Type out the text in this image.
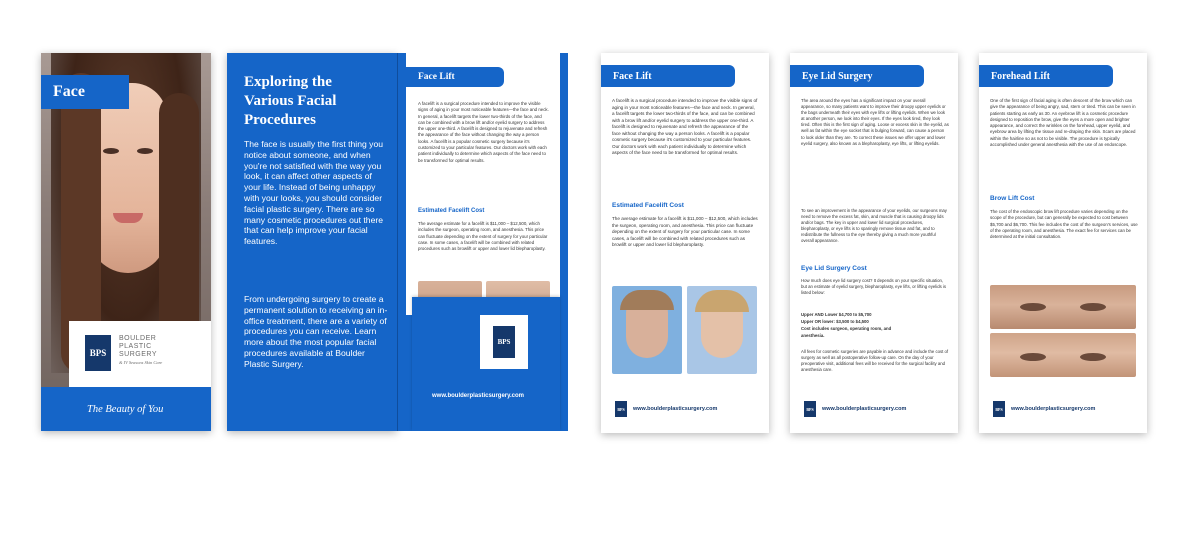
Face
BPS
BOULDER
PLASTIC
SURGERY
& IV Seasons Skin Care
The Beauty of You
Exploring the Various Facial Procedures
The face is usually the first thing you notice about someone, and when you're not satisfied with the way you look, it can affect other aspects of your life. Instead of being unhappy with your looks, you should consider facial plastic surgery. There are so many cosmetic procedures out there that can help improve your facial features.
From undergoing surgery to create a permanent solution to receiving an in-office treatment, there are a variety of procedures you can receive. Learn more about the most popular facial procedures available at Boulder Plastic Surgery.
Face Lift
A facelift is a surgical procedure intended to improve the visible signs of aging in your most noticeable features—the face and neck. In general, a facelift targets the lower two-thirds of the face, and can be combined with a brow lift and/or eyelid surgery to address the upper one-third. A facelift is designed to rejuvenate and refresh the appearance of the face without changing the way a person looks. A facelift is a popular cosmetic surgery because it's customized to your particular features. Our doctors work with each patient individually to determine which aspects of the face need to be transformed for optimal results.
Estimated Facelift Cost
The average estimate for a facelift is $11,000 – $12,500, which includes the surgeon, operating room, and anesthesia. This price can fluctuate depending on the extent of surgery for your particular case. In some cases, a facelift will be combined with related procedures such as browlift or upper and lower lid blepharoplasty.
BPS
www.boulderplasticsurgery.com
Face Lift
A facelift is a surgical procedure intended to improve the visible signs of aging in your most noticeable features—the face and neck. In general, a facelift targets the lower two-thirds of the face, and can be combined with a brow lift and/or eyelid surgery to address the upper one-third. A facelift is designed to rejuvenate and refresh the appearance of the face without changing the way a person looks. A facelift is a popular cosmetic surgery because it's customized to your particular features. Our doctors work with each patient individually to determine which aspects of the face need to be transformed for optimal results.
Estimated Facelift Cost
The average estimate for a facelift is $11,000 – $12,500, which includes the surgeon, operating room, and anesthesia. This price can fluctuate depending on the extent of surgery for your particular case. In some cases, a facelift will be combined with related procedures such as browlift or upper and lower lid blepharoplasty.
BPS www.boulderplasticsurgery.com
Eye Lid Surgery
The area around the eyes has a significant impact on your overall appearance, so many patients want to improve their droopy upper eyelids or the bags underneath their eyes with eye lifts or lifting eyelids. When we look at another person, we look into their eyes. If the eyes look tired, they look tired. Often this is the first sign of aging. Loose or excess skin in the eyelid, as well as fat within the eye socket that is bulging forward, can cause a person to look older than they are. To correct these issues we offer upper and lower eyelid surgery, also known as a blepharoplasty, eye lifts, or lifting eyelids.
To see an improvement in the appearance of your eyelids, our surgeons may need to remove the excess fat, skin, and muscle that is causing droopy lids and/or bags. The key in upper and lower lid surgical procedures, blepharoplasty, or eye lifts is to sparingly remove tissue and fat, and to redistribute the fullness to the eye thereby giving a much more youthful overall appearance.
Eye Lid Surgery Cost
How much does eye lid surgery cost? It depends on your specific situation, but an estimate of eyelid surgery, blepharoplasty, eye lifts, or lifting eyelids is listed below:
Upper AND Lower $4,700 to $5,700
Upper OR lower: $3,500 to $4,500
Cost includes surgeon, operating room, and anesthesia.
All fees for cosmetic surgeries are payable in advance and include the cost of surgery as well as all postoperative follow-up care. On the day of your preoperative visit, additional fees will be received for the surgical facility and anesthesia care.
BPS www.boulderplasticsurgery.com
Forehead Lift
One of the first sign of facial aging is often descent of the brow which can give the appearance of being angry, sad, stern or tired. This can be seen in patients starting as early as 30. An eyebrow lift is a cosmetic procedure designed to reposition the brow, give the eyes a more open and brighter appearance, and correct the wrinkles on the forehead, upper eyelid, and eyebrow area by lifting the tissue and re-draping the skin. Scars are placed within the hairline so as not to be visible. The procedure is typically accomplished under general anesthesia with the use of an endoscope.
Brow Lift Cost
The cost of the endoscopic brow lift procedure varies depending on the scope of the procedure, but can generally be expected to cost between $5,700 and $6,700. This fee includes the cost of the surgeon's services, use of the operating room, and anesthesia. The exact fee for services can be determined at the initial consultation.
BPS www.boulderplasticsurgery.com
